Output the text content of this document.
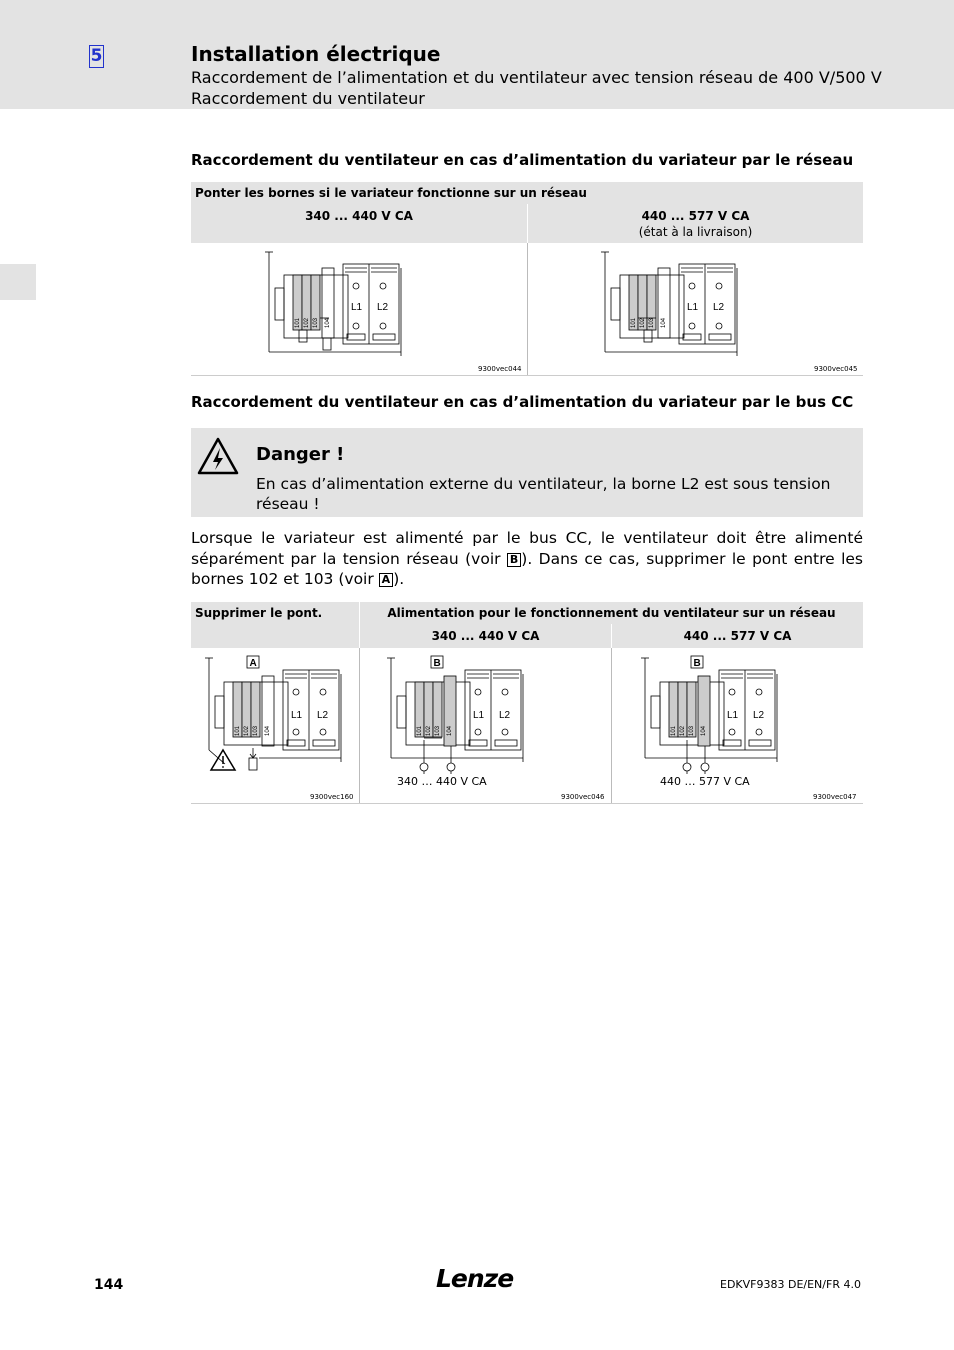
5	Installation électrique
Raccordement de l’alimentation et du ventilateur avec tension réseau de 400 V/500 V
Raccordement du ventilateur
Raccordement du ventilateur en cas d’alimentation du variateur par le réseau
Ponter les bornes si le variateur fonctionne sur un réseau
340 ... 440 V CA	440 ... 577 V CA
(état à la livraison)
L1 L2
101 102 103 104
9300vec044
L1 L2
101 102 103 104
9300vec045
Raccordement du ventilateur en cas d’alimentation du variateur par le bus CC
Danger !
En cas d’alimentation externe du ventilateur, la borne L2 est sous tension réseau !
Lorsque le variateur est alimenté par le bus CC, le ventilateur doit être alimenté séparément par la tension réseau (voir B ). Dans ce cas, supprimer le pont entre les bornes 102 et 103 (voir A ).
Supprimer le pont.	Alimentation pour le fonctionnement du ventilateur sur un réseau
340 ... 440 V CA	440 ... 577 V CA
A
L1 L2
101 102 103 104
9300vec160
B
L1 L2
101 102 103 104
340 … 440 V CA
9300vec046
B
L1 L2
101 102 103 104
440 … 577 V CA
9300vec047
144	Lenze	EDKVF9383 DE/EN/FR 4.0
